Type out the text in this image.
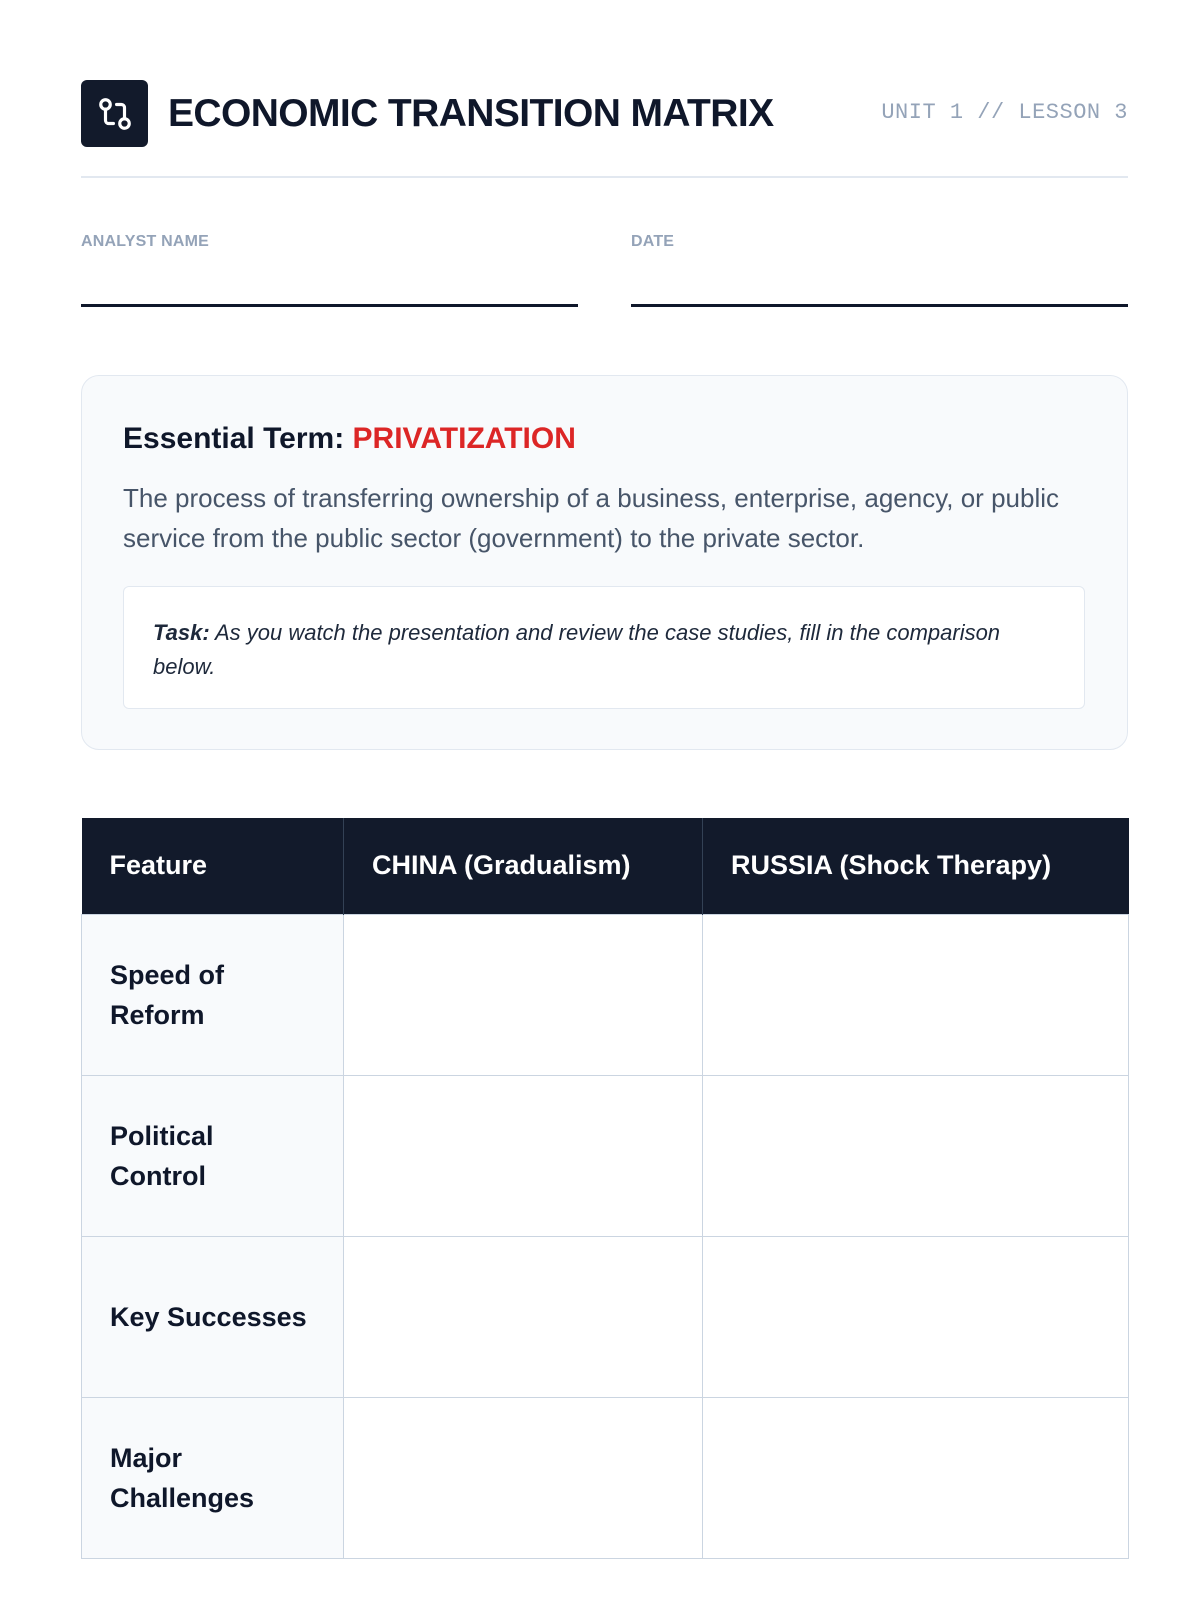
ECONOMIC TRANSITION MATRIX	UNIT 1 // LESSON 3
ANALYST NAME	DATE
Essential Term: PRIVATIZATION
The process of transferring ownership of a business, enterprise, agency, or public service from the public sector (government) to the private sector.
Task: As you watch the presentation and review the case studies, fill in the comparison below.
Feature	CHINA (Gradualism)	RUSSIA (Shock Therapy)
Speed of Reform		
Political Control		
Key Successes		
Major Challenges		
